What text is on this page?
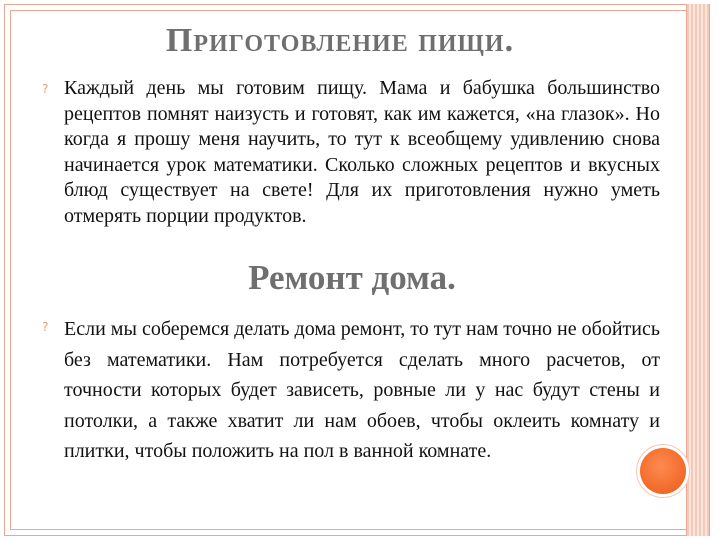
Приготовление пищи.
? Каждый день мы готовим пищу. Мама и бабушка большинство рецептов помнят наизусть и готовят, как им кажется, «на глазок». Но когда я прошу меня научить, то тут к всеобщему удивлению снова начинается урок математики. Сколько сложных рецептов и вкусных блюд существует на свете! Для их приготовления нужно уметь отмерять порции продуктов.

Ремонт дома.
? Если мы соберемся делать дома ремонт, то тут нам точно не обойтись без математики. Нам потребуется сделать много расчетов, от точности которых будет зависеть, ровные ли у нас будут стены и потолки, а также хватит ли нам обоев, чтобы оклеить комнату и плитки, чтобы положить на пол в ванной комнате.
